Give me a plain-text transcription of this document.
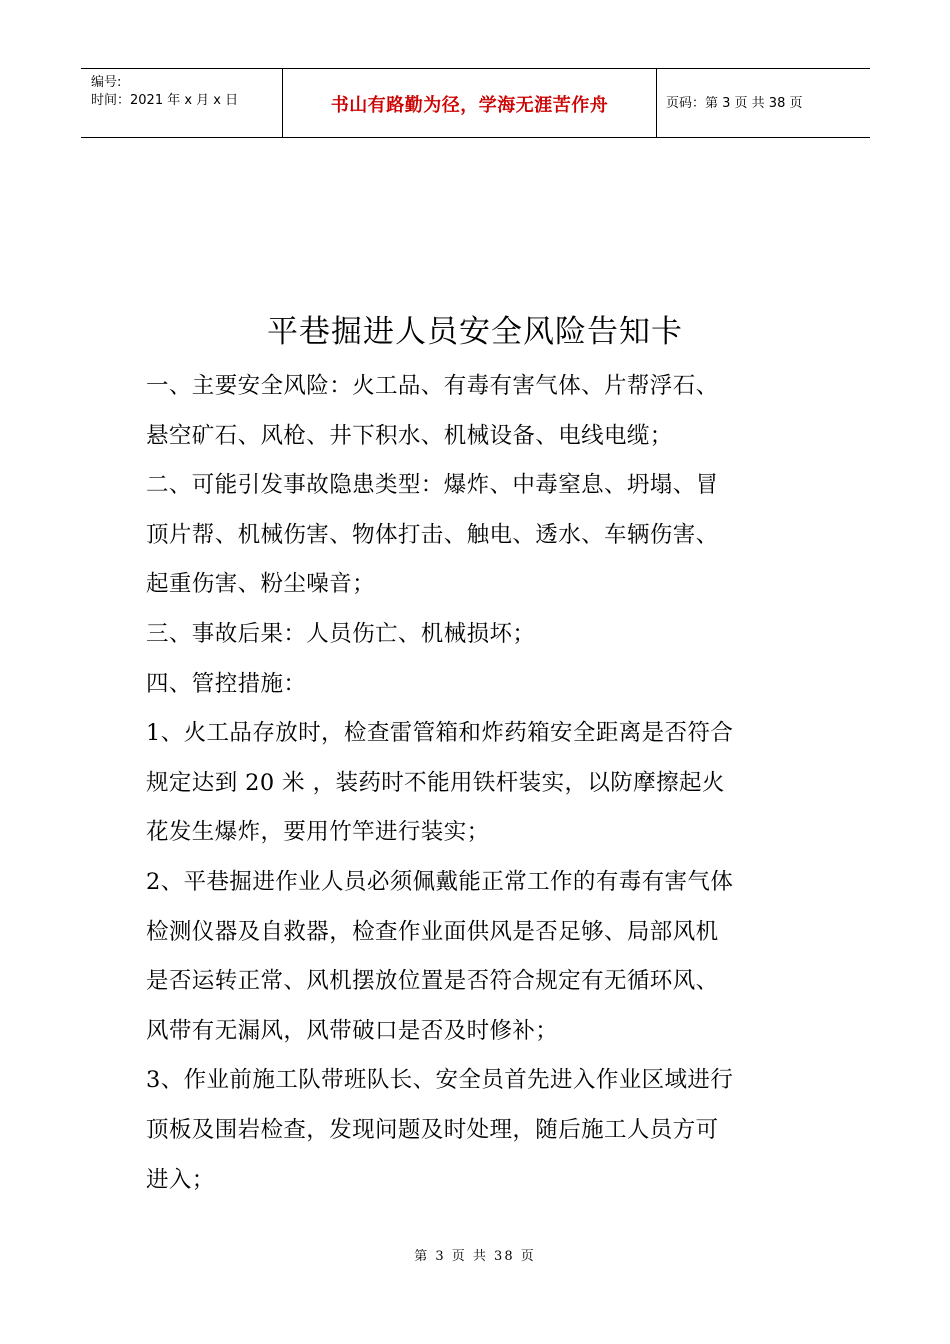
编号:
时间：2021 年 x 月 x 日	书山有路勤为径，学海无涯苦作舟	页码：第 3 页 共 38 页
平巷掘进人员安全风险告知卡
一、主要安全风险：火工品、有毒有害气体、片帮浮石、
悬空矿石、风枪、井下积水、机械设备、电线电缆；
二、可能引发事故隐患类型：爆炸、中毒窒息、坍塌、冒
顶片帮、机械伤害、物体打击、触电、透水、车辆伤害、
起重伤害、粉尘噪音；
三、事故后果：人员伤亡、机械损坏；
四、管控措施：
1、火工品存放时，检查雷管箱和炸药箱安全距离是否符合
规定达到 20 米 ，装药时不能用铁杆装实，以防摩擦起火
花发生爆炸，要用竹竿进行装实；
2、平巷掘进作业人员必须佩戴能正常工作的有毒有害气体
检测仪器及自救器，检查作业面供风是否足够、局部风机
是否运转正常、风机摆放位置是否符合规定有无循环风、
风带有无漏风，风带破口是否及时修补；
3、作业前施工队带班队长、安全员首先进入作业区域进行
顶板及围岩检查，发现问题及时处理，随后施工人员方可
进入；
第 3 页 共 38 页
